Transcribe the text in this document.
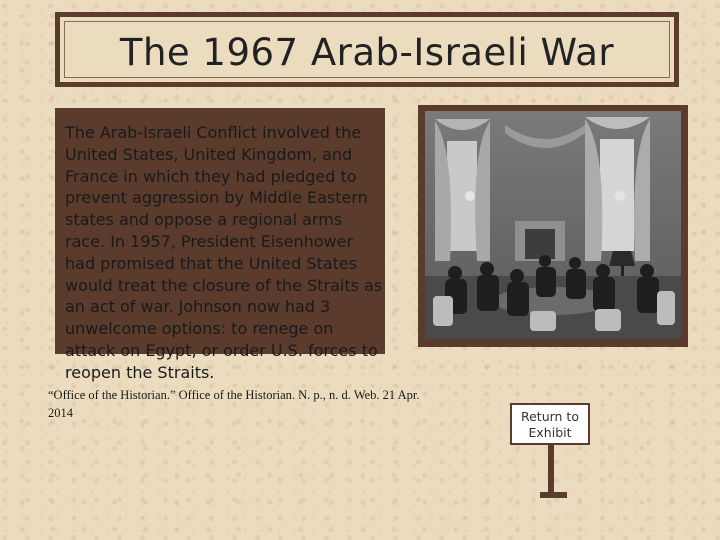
The 1967 Arab-Israeli War
The Arab-Israeli Conflict involved the United States, United Kingdom, and France in which they had pledged to prevent aggression by Middle Eastern states and oppose a regional arms race. In 1957, President Eisenhower had promised that the United States would treat the closure of the Straits as an act of war. Johnson now had 3 unwelcome options: to renege on attack on Egypt, or order U.S. forces to reopen the Straits.
“Office of the Historian.” Office of the Historian. N. p., n. d. Web. 21 Apr. 2014	Return to
Exhibit
